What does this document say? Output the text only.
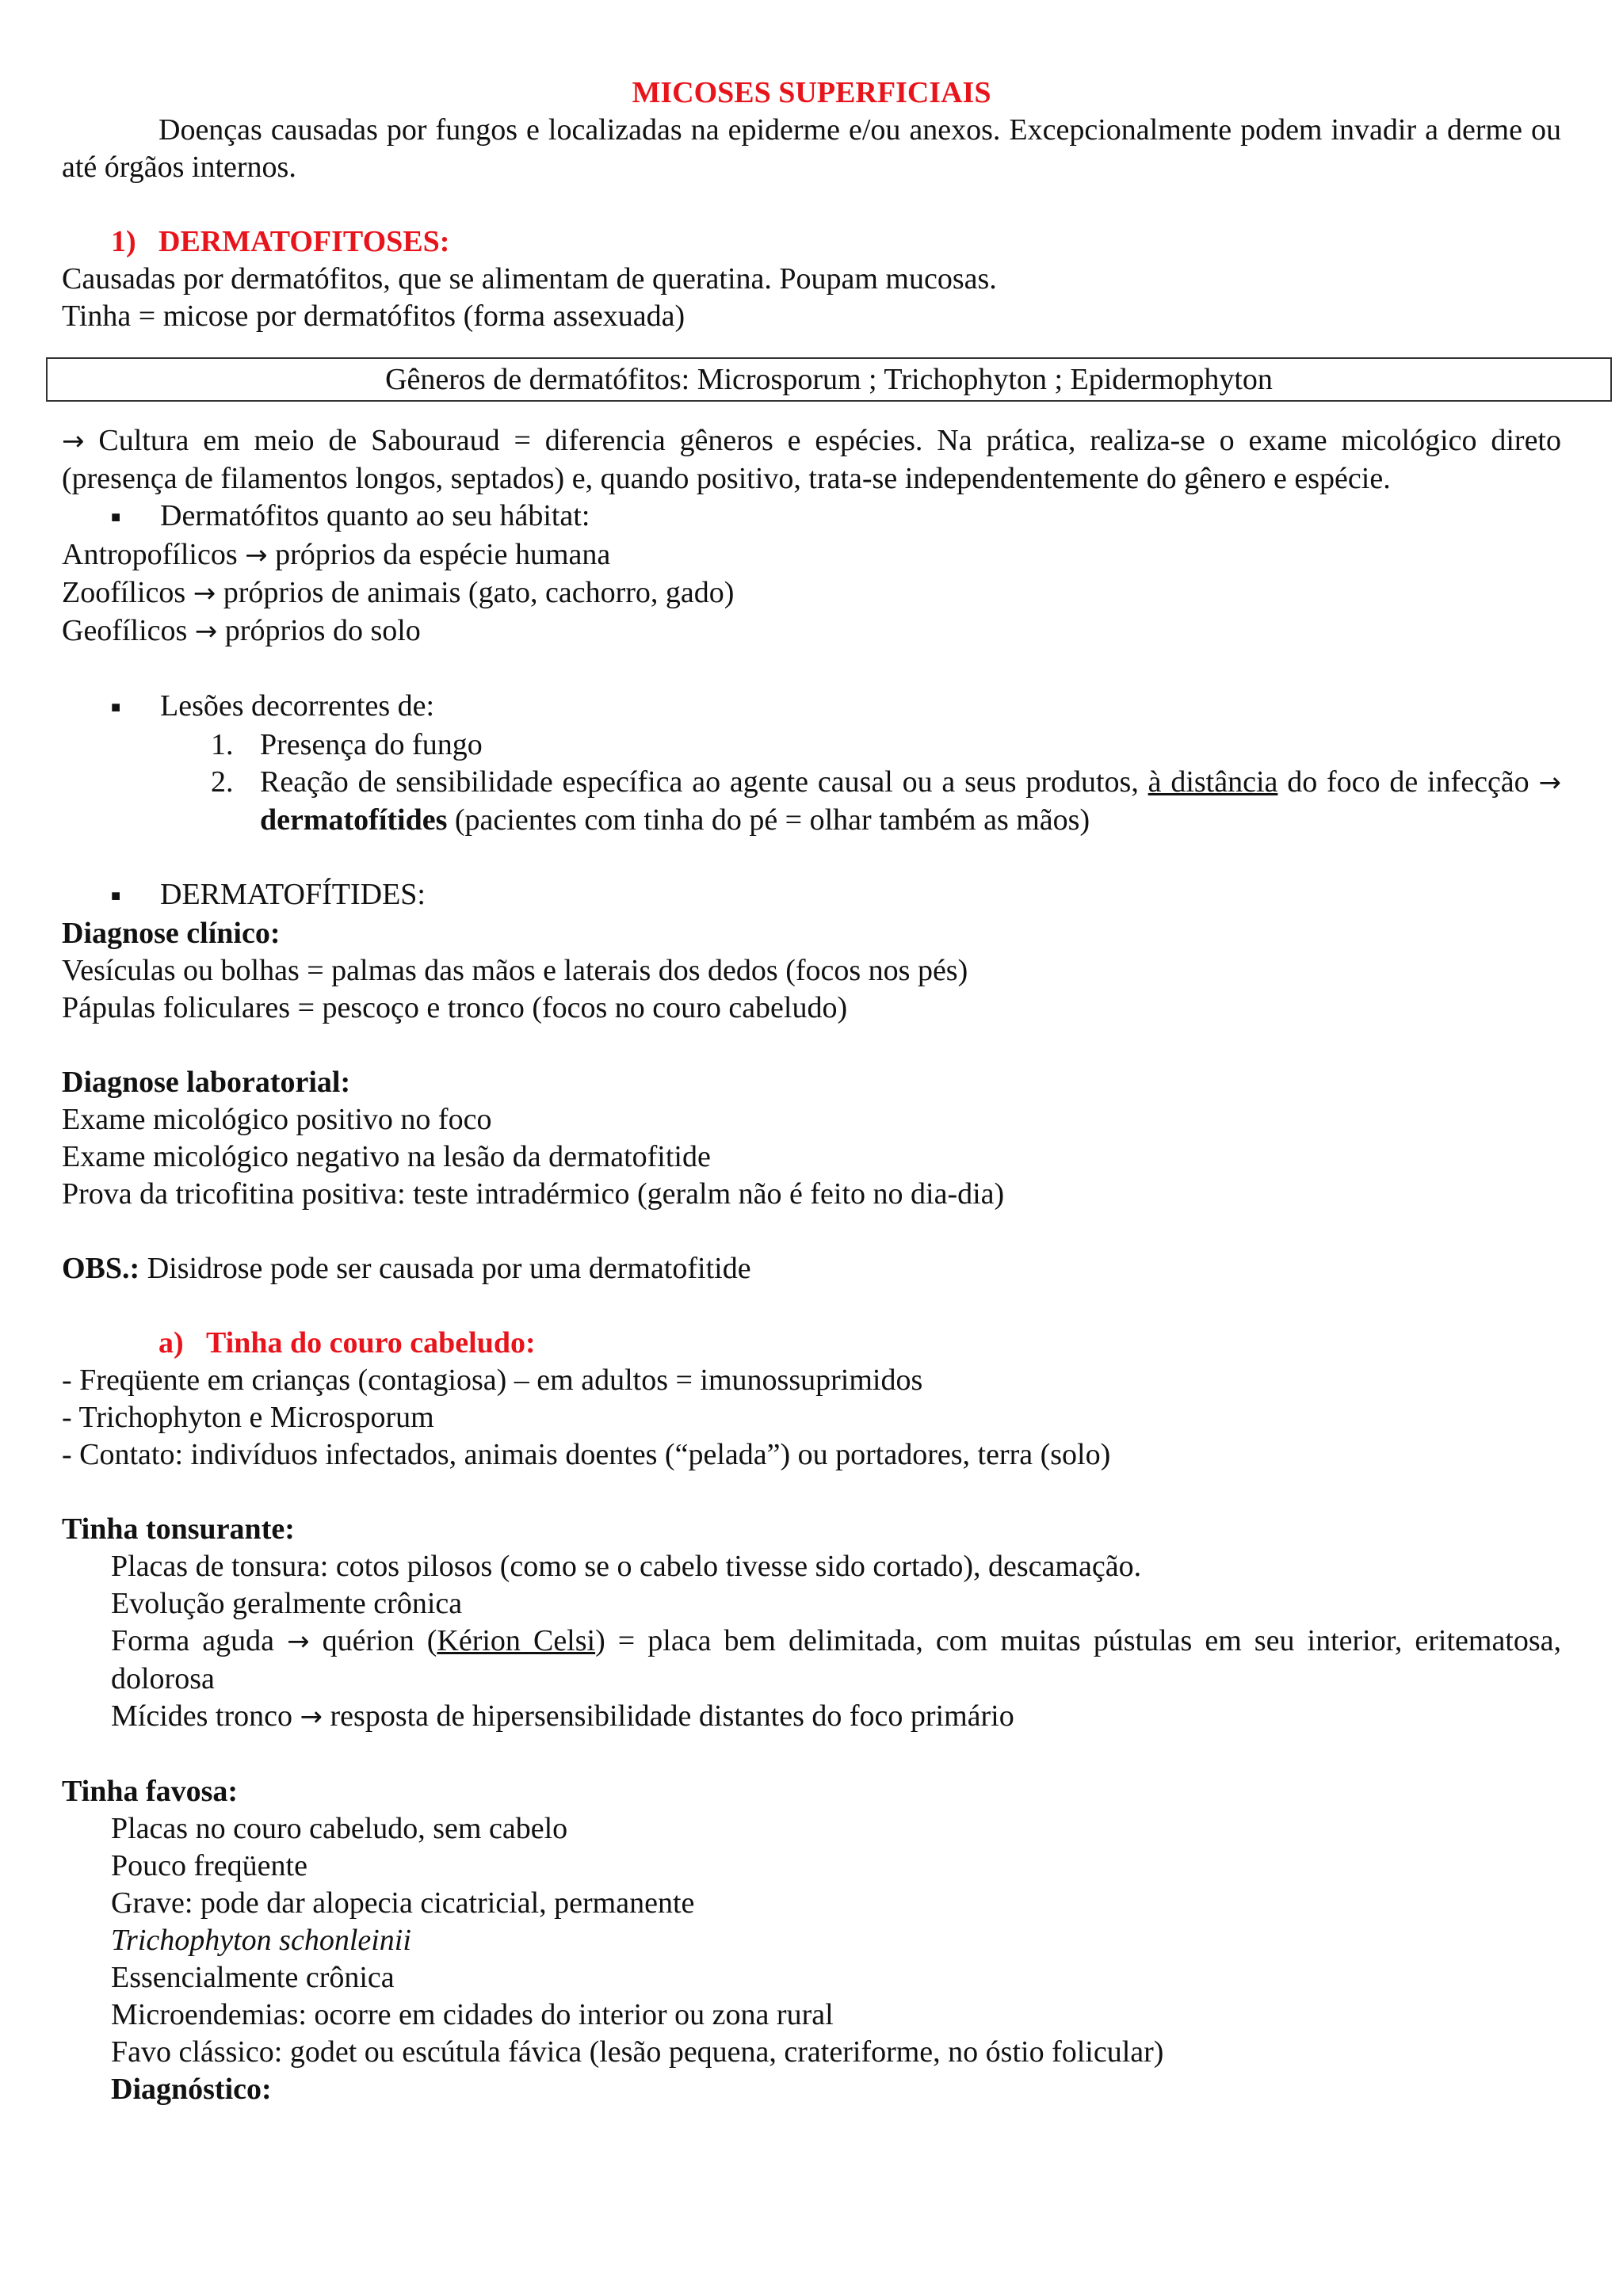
MICOSES SUPERFICIAIS

Doenças causadas por fungos e localizadas na epiderme e/ou anexos. Excepcionalmente podem invadir a derme ou até órgãos internos.

1) DERMATOFITOSES:

Causadas por dermatófitos, que se alimentam de queratina. Poupam mucosas.

Tinha = micose por dermatófitos (forma assexuada)

Gêneros de dermatófitos: Microsporum ; Trichophyton ; Epidermophyton

→ Cultura em meio de Sabouraud = diferencia gêneros e espécies. Na prática, realiza-se o exame micológico direto (presença de filamentos longos, septados) e, quando positivo, trata-se independentemente do gênero e espécie.

■ Dermatófitos quanto ao seu hábitat:

Antropofílicos → próprios da espécie humana

Zoofílicos → próprios de animais (gato, cachorro, gado)

Geofílicos → próprios do solo

■ Lesões decorrentes de:

1. Presença do fungo
2. Reação de sensibilidade específica ao agente causal ou a seus produtos, à distância do foco de infecção → dermatofítides (pacientes com tinha do pé = olhar também as mãos)

■ DERMATOFÍTIDES:

Diagnose clínico:

Vesículas ou bolhas = palmas das mãos e laterais dos dedos (focos nos pés)

Pápulas foliculares = pescoço e tronco (focos no couro cabeludo)

Diagnose laboratorial:

Exame micológico positivo no foco

Exame micológico negativo na lesão da dermatofitide

Prova da tricofitina positiva: teste intradérmico (geralm não é feito no dia-dia)

OBS.: Disidrose pode ser causada por uma dermatofitide

a) Tinha do couro cabeludo:

- Freqüente em crianças (contagiosa) – em adultos = imunossuprimidos

- Trichophyton e Microsporum

- Contato: indivíduos infectados, animais doentes (“pelada”) ou portadores, terra (solo)

Tinha tonsurante:

Placas de tonsura: cotos pilosos (como se o cabelo tivesse sido cortado), descamação.

Evolução geralmente crônica

Forma aguda → quérion (Kérion Celsi) = placa bem delimitada, com muitas pústulas em seu interior, eritematosa, dolorosa

Mícides tronco → resposta de hipersensibilidade distantes do foco primário

Tinha favosa:

Placas no couro cabeludo, sem cabelo

Pouco freqüente

Grave: pode dar alopecia cicatricial, permanente

Trichophyton schonleinii

Essencialmente crônica

Microendemias: ocorre em cidades do interior ou zona rural

Favo clássico: godet ou escútula fávica (lesão pequena, crateriforme, no óstio folicular)

Diagnóstico:
